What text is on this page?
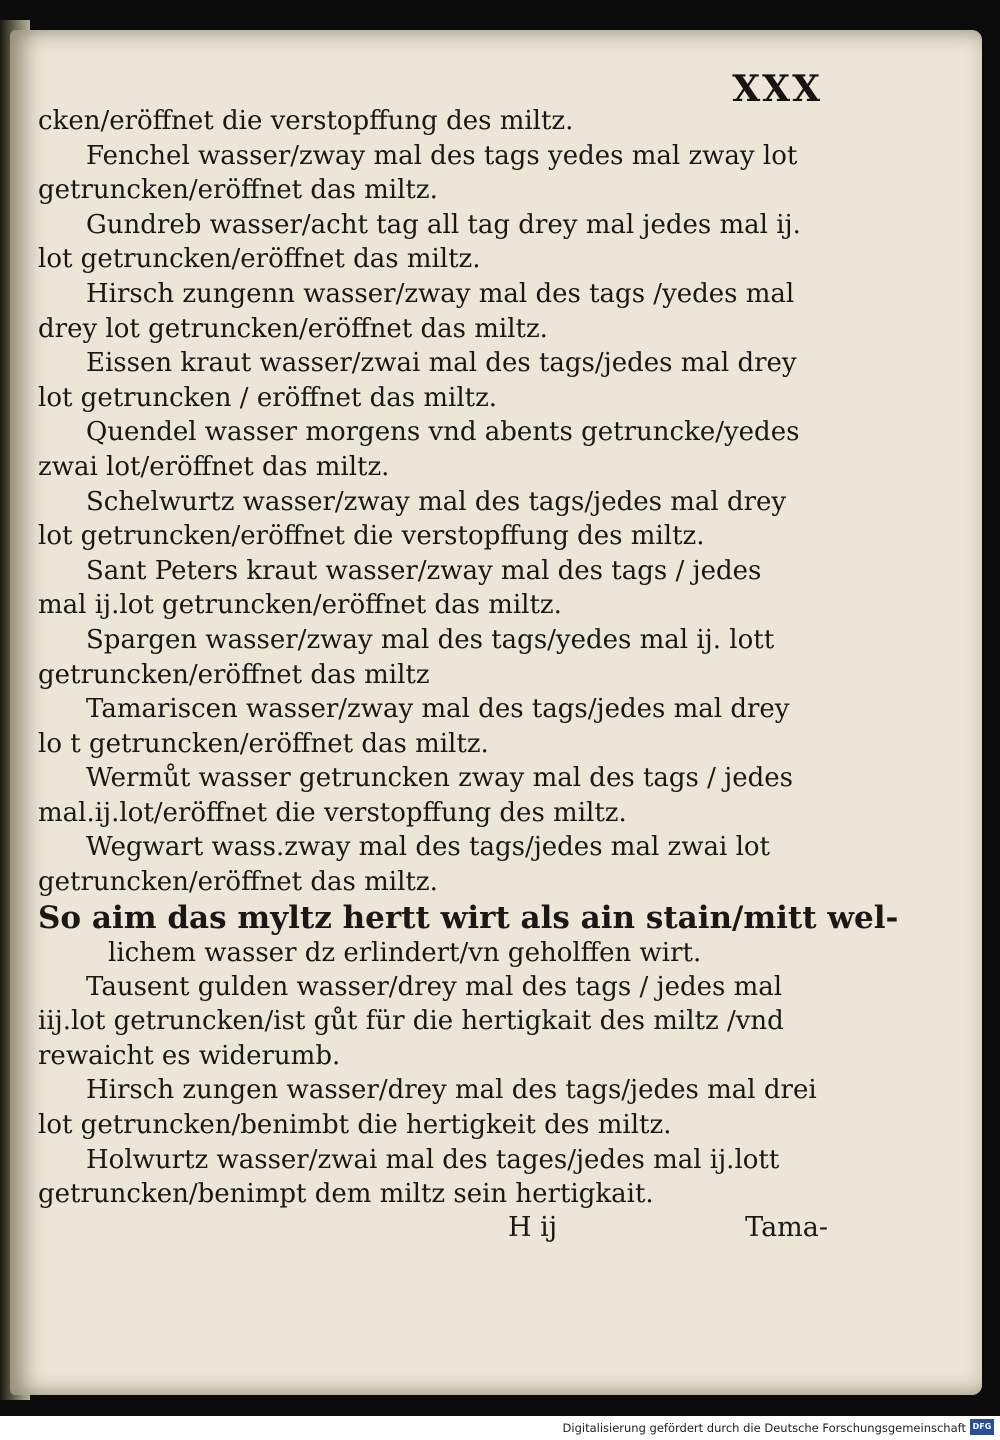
XXX
cken/eröffnet die verstopffung des miltz.
Fenchel wasser/zway mal des tags yedes mal zway lot
getruncken/eröffnet das miltz.
Gundreb wasser/acht tag all tag drey mal jedes mal ij.
lot getruncken/eröffnet das miltz.
Hirsch zungenn wasser/zway mal des tags /yedes mal
drey lot getruncken/eröffnet das miltz.
Eissen kraut wasser/zwai mal des tags/jedes mal drey
lot getruncken / eröffnet das miltz.
Quendel wasser morgens vnd abents getruncke/yedes
zwai lot/eröffnet das miltz.
Schelwurtz wasser/zway mal des tags/jedes mal drey
lot getruncken/eröffnet die verstopffung des miltz.
Sant Peters kraut wasser/zway mal des tags / jedes
mal ij.lot getruncken/eröffnet das miltz.
Spargen wasser/zway mal des tags/yedes mal ij. lott
getruncken/eröffnet das miltz
Tamariscen wasser/zway mal des tags/jedes mal drey
lo t getruncken/eröffnet das miltz.
Wermůt wasser getruncken zway mal des tags / jedes
mal.ij.lot/eröffnet die verstopffung des miltz.
Wegwart wass.zway mal des tags/jedes mal zwai lot
getruncken/eröffnet das miltz.
So aim das myltz hertt wirt als ain stain/mitt wel-
lichem wasser dz erlindert/vn geholffen wirt.
Tausent gulden wasser/drey mal des tags / jedes mal
iij.lot getruncken/ist gůt für die hertigkait des miltz /vnd
rewaicht es widerumb.
Hirsch zungen wasser/drey mal des tags/jedes mal drei
lot getruncken/benimbt die hertigkeit des miltz.
Holwurtz wasser/zwai mal des tages/jedes mal ij.lott
getruncken/benimpt dem miltz sein hertigkait.
H ij	Tama-
Digitalisierung gefördert durch die Deutsche Forschungsgemeinschaft DFG
